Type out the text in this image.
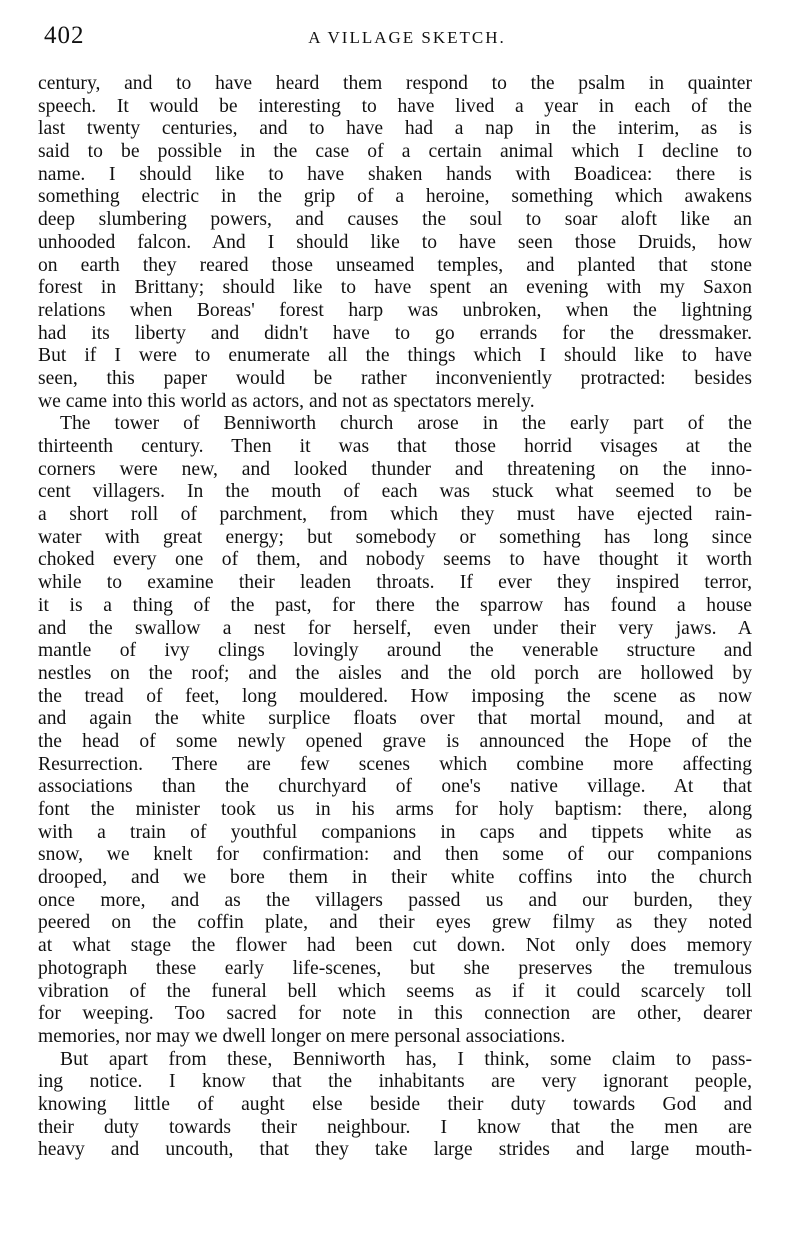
402	A VILLAGE SKETCH.
century, and to have heard them respond to the psalm in quainter
speech. It would be interesting to have lived a year in each of the
last twenty centuries, and to have had a nap in the interim, as is
said to be possible in the case of a certain animal which I decline to
name. I should like to have shaken hands with Boadicea: there is
something electric in the grip of a heroine, something which awakens
deep slumbering powers, and causes the soul to soar aloft like an
unhooded falcon. And I should like to have seen those Druids, how
on earth they reared those unseamed temples, and planted that stone
forest in Brittany; should like to have spent an evening with my Saxon
relations when Boreas' forest harp was unbroken, when the lightning
had its liberty and didn't have to go errands for the dressmaker.
But if I were to enumerate all the things which I should like to have
seen, this paper would be rather inconveniently protracted: besides
we came into this world as actors, and not as spectators merely.
The tower of Benniworth church arose in the early part of the
thirteenth century. Then it was that those horrid visages at the
corners were new, and looked thunder and threatening on the inno-
cent villagers. In the mouth of each was stuck what seemed to be
a short roll of parchment, from which they must have ejected rain-
water with great energy; but somebody or something has long since
choked every one of them, and nobody seems to have thought it worth
while to examine their leaden throats. If ever they inspired terror,
it is a thing of the past, for there the sparrow has found a house
and the swallow a nest for herself, even under their very jaws. A
mantle of ivy clings lovingly around the venerable structure and
nestles on the roof; and the aisles and the old porch are hollowed by
the tread of feet, long mouldered. How imposing the scene as now
and again the white surplice floats over that mortal mound, and at
the head of some newly opened grave is announced the Hope of the
Resurrection. There are few scenes which combine more affecting
associations than the churchyard of one's native village. At that
font the minister took us in his arms for holy baptism: there, along
with a train of youthful companions in caps and tippets white as
snow, we knelt for confirmation: and then some of our companions
drooped, and we bore them in their white coffins into the church
once more, and as the villagers passed us and our burden, they
peered on the coffin plate, and their eyes grew filmy as they noted
at what stage the flower had been cut down. Not only does memory
photograph these early life-scenes, but she preserves the tremulous
vibration of the funeral bell which seems as if it could scarcely toll
for weeping. Too sacred for note in this connection are other, dearer
memories, nor may we dwell longer on mere personal associations.
But apart from these, Benniworth has, I think, some claim to pass-
ing notice. I know that the inhabitants are very ignorant people,
knowing little of aught else beside their duty towards God and
their duty towards their neighbour. I know that the men are
heavy and uncouth, that they take large strides and large mouth-
